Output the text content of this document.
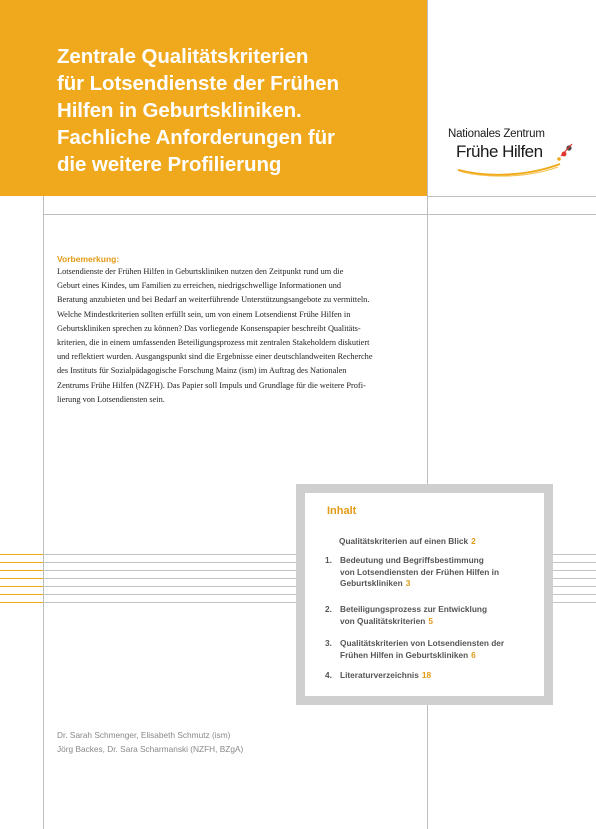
Zentrale Qualitätskriterien
für Lotsendienste der Frühen
Hilfen in Geburtskliniken.
Fachliche Anforderungen für
die weitere Profilierung
Nationales Zentrum
Frühe Hilfen

Vorbemerkung:

Lotsendienste der Frühen Hilfen in Geburtskliniken nutzen den Zeitpunkt rund um die
Geburt eines Kindes, um Familien zu erreichen, niedrigschwellige Informationen und
Beratung anzubieten und bei Bedarf an weiterführende Unterstützungsangebote zu vermitteln.
Welche Mindestkriterien sollten erfüllt sein, um von einem Lotsendienst Frühe Hilfen in
Geburtskliniken sprechen zu können? Das vorliegende Konsenspapier beschreibt Qualitäts-
kriterien, die in einem umfassenden Beteiligungsprozess mit zentralen Stakeholdern diskutiert
und reflektiert wurden. Ausgangspunkt sind die Ergebnisse einer deutschlandweiten Recherche
des Instituts für Sozialpädagogische Forschung Mainz (ism) im Auftrag des Nationalen
Zentrums Frühe Hilfen (NZFH). Das Papier soll Impuls und Grundlage für die weitere Profi-
lierung von Lotsendiensten sein.

Inhalt

Qualitätskriterien auf einen Blick 2
1. Bedeutung und Begriffsbestimmung
von Lotsendiensten der Frühen Hilfen in
Geburtskliniken 3
2. Beteiligungsprozess zur Entwicklung
von Qualitätskriterien 5
3. Qualitätskriterien von Lotsendiensten der
Frühen Hilfen in Geburtskliniken 6
4. Literaturverzeichnis 18

Dr. Sarah Schmenger, Elisabeth Schmutz (ism)
Jörg Backes, Dr. Sara Scharmanski (NZFH, BZgA)
